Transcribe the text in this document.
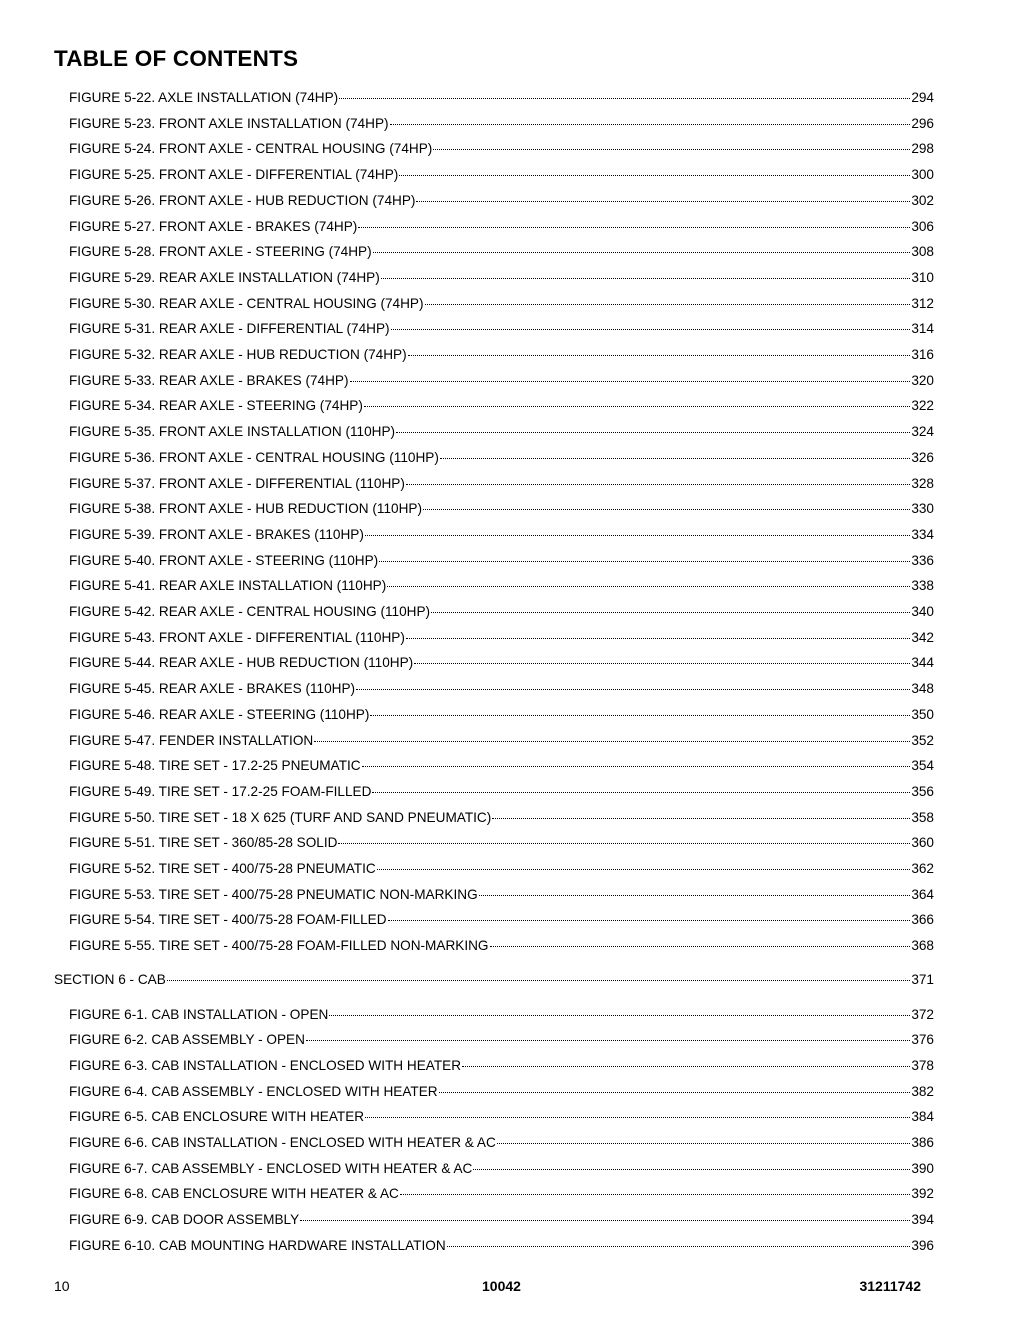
TABLE OF CONTENTS
FIGURE 5-22. AXLE INSTALLATION (74HP)	294
FIGURE 5-23. FRONT AXLE INSTALLATION (74HP)	296
FIGURE 5-24. FRONT AXLE - CENTRAL HOUSING (74HP)	298
FIGURE 5-25. FRONT AXLE - DIFFERENTIAL (74HP)	300
FIGURE 5-26. FRONT AXLE - HUB REDUCTION (74HP)	302
FIGURE 5-27. FRONT AXLE - BRAKES (74HP)	306
FIGURE 5-28. FRONT AXLE - STEERING (74HP)	308
FIGURE 5-29. REAR AXLE INSTALLATION (74HP)	310
FIGURE 5-30. REAR AXLE - CENTRAL HOUSING (74HP)	312
FIGURE 5-31. REAR AXLE - DIFFERENTIAL (74HP)	314
FIGURE 5-32. REAR AXLE - HUB REDUCTION (74HP)	316
FIGURE 5-33. REAR AXLE - BRAKES (74HP)	320
FIGURE 5-34. REAR AXLE - STEERING (74HP)	322
FIGURE 5-35. FRONT AXLE INSTALLATION (110HP)	324
FIGURE 5-36. FRONT AXLE - CENTRAL HOUSING (110HP)	326
FIGURE 5-37. FRONT AXLE - DIFFERENTIAL (110HP)	328
FIGURE 5-38. FRONT AXLE - HUB REDUCTION (110HP)	330
FIGURE 5-39. FRONT AXLE - BRAKES (110HP)	334
FIGURE 5-40. FRONT AXLE - STEERING (110HP)	336
FIGURE 5-41. REAR AXLE INSTALLATION (110HP)	338
FIGURE 5-42. REAR AXLE - CENTRAL HOUSING (110HP)	340
FIGURE 5-43. FRONT AXLE - DIFFERENTIAL (110HP)	342
FIGURE 5-44. REAR AXLE - HUB REDUCTION (110HP)	344
FIGURE 5-45. REAR AXLE - BRAKES (110HP)	348
FIGURE 5-46. REAR AXLE - STEERING (110HP)	350
FIGURE 5-47. FENDER INSTALLATION	352
FIGURE 5-48. TIRE SET - 17.2-25 PNEUMATIC	354
FIGURE 5-49. TIRE SET - 17.2-25 FOAM-FILLED	356
FIGURE 5-50. TIRE SET - 18 X 625 (TURF AND SAND PNEUMATIC)	358
FIGURE 5-51. TIRE SET - 360/85-28 SOLID	360
FIGURE 5-52. TIRE SET - 400/75-28 PNEUMATIC	362
FIGURE 5-53. TIRE SET - 400/75-28 PNEUMATIC NON-MARKING	364
FIGURE 5-54. TIRE SET - 400/75-28 FOAM-FILLED	366
FIGURE 5-55. TIRE SET - 400/75-28 FOAM-FILLED NON-MARKING	368
SECTION 6 - CAB	371
FIGURE 6-1. CAB INSTALLATION - OPEN	372
FIGURE 6-2. CAB ASSEMBLY - OPEN	376
FIGURE 6-3. CAB INSTALLATION - ENCLOSED WITH HEATER	378
FIGURE 6-4. CAB ASSEMBLY - ENCLOSED WITH HEATER	382
FIGURE 6-5. CAB ENCLOSURE WITH HEATER	384
FIGURE 6-6. CAB INSTALLATION - ENCLOSED WITH HEATER & AC	386
FIGURE 6-7. CAB ASSEMBLY - ENCLOSED WITH HEATER & AC	390
FIGURE 6-8. CAB ENCLOSURE WITH HEATER & AC	392
FIGURE 6-9. CAB DOOR ASSEMBLY	394
FIGURE 6-10. CAB MOUNTING HARDWARE INSTALLATION	396
10	10042	31211742
